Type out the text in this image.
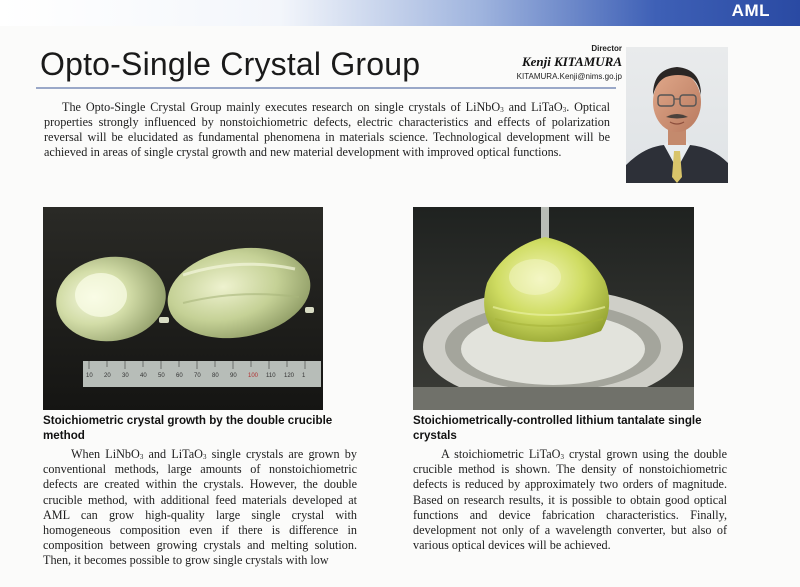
AML
Opto-Single Crystal Group	Director
Kenji KITAMURA
KITAMURA.Kenji@nims.go.jp
The Opto-Single Crystal Group mainly executes research on single crystals of LiNbO$_3$ and LiTaO$_3$. Optical properties strongly influenced by nonstoichiometric defects, electric characteristics and effects of polarization reversal will be elucidated as fundamental phenomena in materials science. Technological development will be achieved in areas of single crystal growth and new material development with improved optical functions.
10 20 30 40 50 60 70 80 90 100 110 120 1
Stoichiometric crystal growth by the double crucible method
Stoichiometrically-controlled lithium tantalate single crystals
When LiNbO$_3$ and LiTaO$_3$ single crystals are grown by conventional methods, large amounts of nonstoichiometric defects are created within the crystals. However, the double crucible method, with additional feed materials developed at AML can grow high-quality large single crystal with homogeneous composition even if there is difference in composition between growing crystals and melting solution. Then, it becomes possible to grow single crystals with low
A stoichiometric LiTaO$_3$ crystal grown using the double crucible method is shown. The density of nonstoichiometric defects is reduced by approximately two orders of magnitude. Based on research results, it is possible to obtain good optical functions and device fabrication characteristics. Finally, development not only of a wavelength converter, but also of various optical devices will be achieved.
